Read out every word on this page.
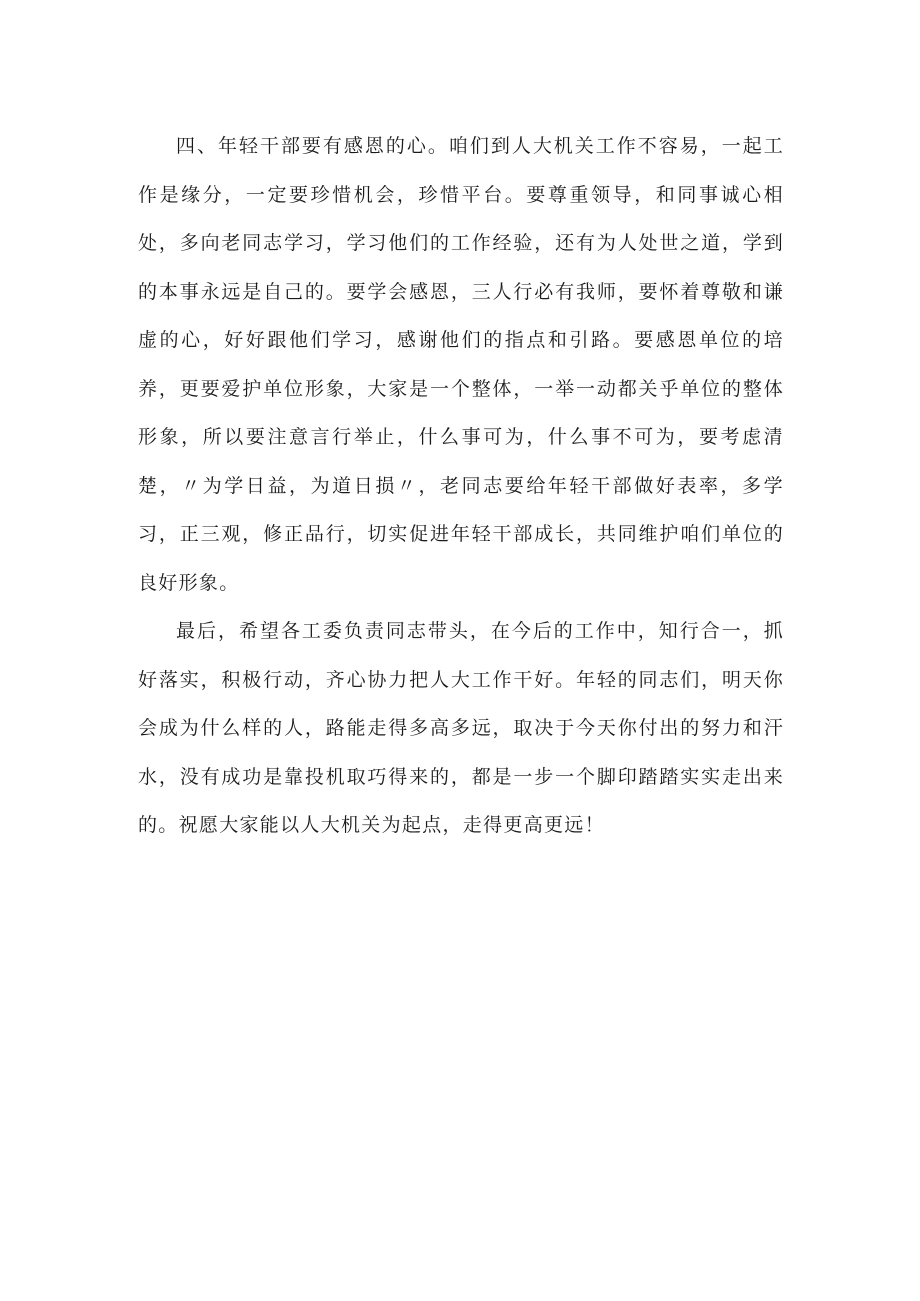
四、年轻干部要有感恩的心。咱们到人大机关工作不容易，一起工作是缘分，一定要珍惜机会，珍惜平台。要尊重领导，和同事诚心相处，多向老同志学习，学习他们的工作经验，还有为人处世之道，学到的本事永远是自己的。要学会感恩，三人行必有我师，要怀着尊敬和谦虚的心，好好跟他们学习，感谢他们的指点和引路。要感恩单位的培养，更要爱护单位形象，大家是一个整体，一举一动都关乎单位的整体形象，所以要注意言行举止，什么事可为，什么事不可为，要考虑清楚，〃为学日益，为道日损〃，老同志要给年轻干部做好表率，多学习，正三观，修正品行，切实促进年轻干部成长，共同维护咱们单位的良好形象。

最后，希望各工委负责同志带头，在今后的工作中，知行合一，抓好落实，积极行动，齐心协力把人大工作干好。年轻的同志们，明天你会成为什么样的人，路能走得多高多远，取决于今天你付出的努力和汗水，没有成功是靠投机取巧得来的，都是一步一个脚印踏踏实实走出来的。祝愿大家能以人大机关为起点，走得更高更远！
